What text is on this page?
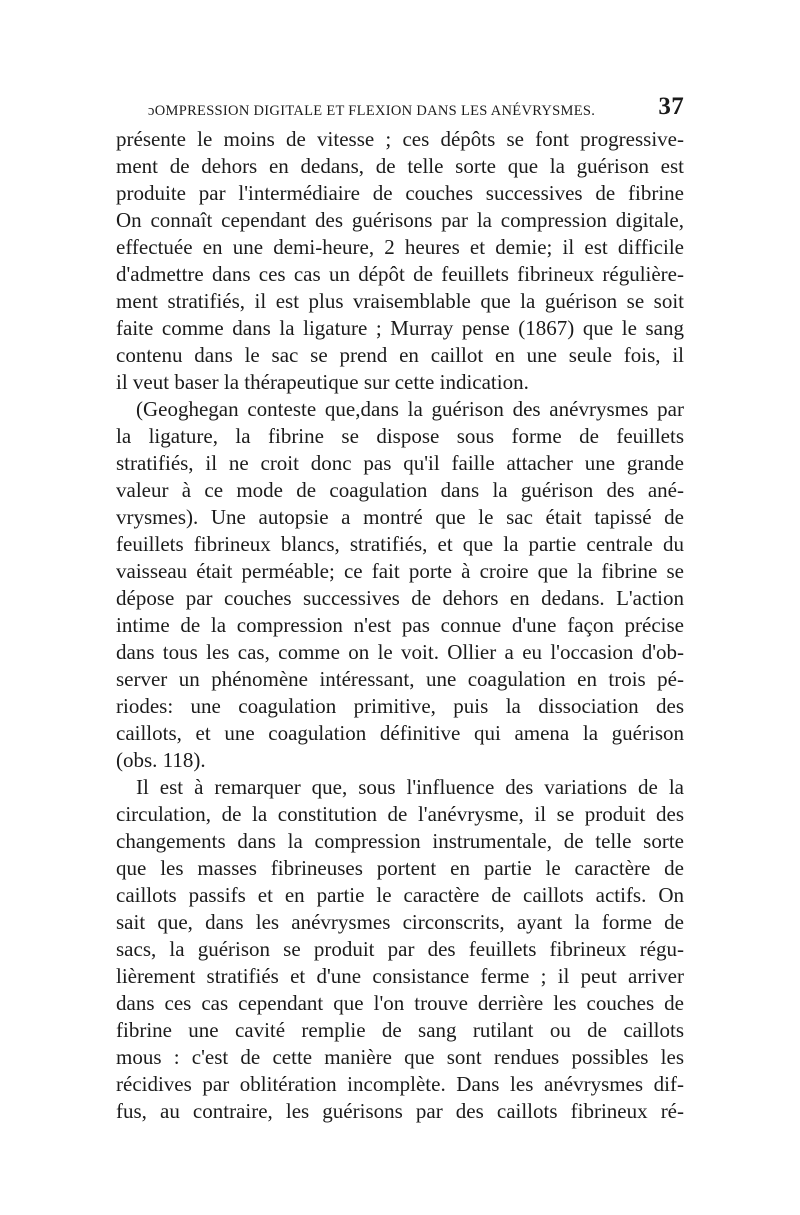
ɔOMPRESSION DIGITALE ET FLEXION DANS LES ANÉVRYSMES.	37
présente le moins de vitesse ; ces dépôts se font progressive-
ment de dehors en dedans, de telle sorte que la guérison est
produite par l'intermédiaire de couches successives de fibrine
On connaît cependant des guérisons par la compression digitale,
effectuée en une demi-heure, 2 heures et demie; il est difficile
d'admettre dans ces cas un dépôt de feuillets fibrineux régulière-
ment stratifiés, il est plus vraisemblable que la guérison se soit
faite comme dans la ligature ; Murray pense (1867) que le sang
contenu dans le sac se prend en caillot en une seule fois, il
il veut baser la thérapeutique sur cette indication.
(Geoghegan conteste que,dans la guérison des anévrysmes par
la ligature, la fibrine se dispose sous forme de feuillets
stratifiés, il ne croit donc pas qu'il faille attacher une grande
valeur à ce mode de coagulation dans la guérison des ané-
vrysmes). Une autopsie a montré que le sac était tapissé de
feuillets fibrineux blancs, stratifiés, et que la partie centrale du
vaisseau était perméable; ce fait porte à croire que la fibrine se
dépose par couches successives de dehors en dedans. L'action
intime de la compression n'est pas connue d'une façon précise
dans tous les cas, comme on le voit. Ollier a eu l'occasion d'ob-
server un phénomène intéressant, une coagulation en trois pé-
riodes: une coagulation primitive, puis la dissociation des
caillots, et une coagulation définitive qui amena la guérison
(obs. 118).
Il est à remarquer que, sous l'influence des variations de la
circulation, de la constitution de l'anévrysme, il se produit des
changements dans la compression instrumentale, de telle sorte
que les masses fibrineuses portent en partie le caractère de
caillots passifs et en partie le caractère de caillots actifs. On
sait que, dans les anévrysmes circonscrits, ayant la forme de
sacs, la guérison se produit par des feuillets fibrineux régu-
lièrement stratifiés et d'une consistance ferme ; il peut arriver
dans ces cas cependant que l'on trouve derrière les couches de
fibrine une cavité remplie de sang rutilant ou de caillots
mous : c'est de cette manière que sont rendues possibles les
récidives par oblitération incomplète. Dans les anévrysmes dif-
fus, au contraire, les guérisons par des caillots fibrineux ré-
